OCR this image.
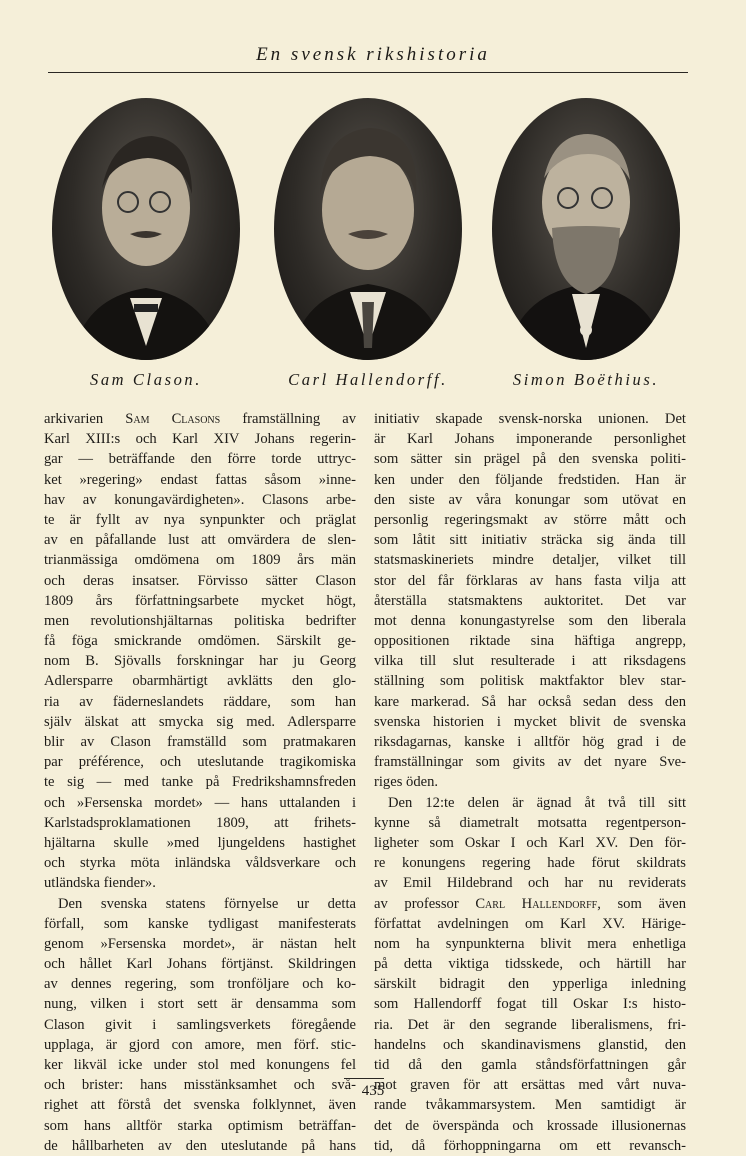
En svensk rikshistoria
Sam Clason.	Carl Hallendorff.	Simon Boëthius.
arkivarien Sam Clasons framställning av
Karl XIII:s och Karl XIV Johans regerin-
gar — beträffande den förre torde uttryc-
ket »regering» endast fattas såsom »inne-
hav av konungavärdigheten». Clasons arbe-
te är fyllt av nya synpunkter och präglat
av en påfallande lust att omvärdera de slen-
trianmässiga omdömena om 1809 års män
och deras insatser. Förvisso sätter Clason
1809 års författningsarbete mycket högt,
men revolutionshjältarnas politiska bedrifter
få föga smickrande omdömen. Särskilt ge-
nom B. Sjövalls forskningar har ju Georg
Adlersparre obarmhärtigt avklätts den glo-
ria av fädernеslandets räddare, som han
själv älskat att smycka sig med. Adlersparre
blir av Clason framställd som pratmakaren
par préférence, och uteslutande tragikomiska
te sig — med tanke på Fredrikshamnsfreden
och »Fersenska mordet» — hans uttalanden i
Karlstadsproklamationen 1809, att frihets-
hjältarna skulle »med ljungeldens hastighet
och styrka möta inländska våldsverkare och
utländska fiender».
Den svenska statens förnyelse ur detta
förfall, som kanske tydligast manifesterats
genom »Fersenska mordet», är nästan helt
och hållet Karl Johans förtjänst. Skildringen
av dennes regering, som tronföljare och ko-
nung, vilken i stort sett är densamma som
Clason givit i samlingsverkets föregående
upplaga, är gjord con amore, men förf. stic-
ker likväl icke under stol med konungens fel
och brister: hans misstänksamhet och svå-
righet att förstå det svenska folklynnet, även
som hans alltför starka optimism beträffan-
de hållbarheten av den uteslutande på hans
initiativ skapade svensk-norska unionen. Det
är Karl Johans imponerande personlighet
som sätter sin prägel på den svenska politi-
ken under den följande fredstiden. Han är
den siste av våra konungar som utövat en
personlig regeringsmakt av större mått och
som låtit sitt initiativ sträcka sig ända till
statsmaskineriets mindre detaljer, vilket till
stor del får förklaras av hans fasta vilja att
återställa statsmaktens auktoritet. Det var
mot denna konungastyrelse som den liberala
oppositionen riktade sina häftiga angrepp,
vilka till slut resulterade i att riksdagens
ställning som politisk maktfaktor blev star-
kare markerad. Så har också sedan dess den
svenska historien i mycket blivit de svenska
riksdagarnas, kanske i alltför hög grad i de
framställningar som givits av det nyare Sve-
riges öden.
Den 12:te delen är ägnad åt två till sitt
kynne så diametralt motsatta regentperson-
ligheter som Oskar I och Karl XV. Den för-
re konungens regering hade förut skildrats
av Emil Hildebrand och har nu reviderats
av professor Carl Hallendorff, som även
författat avdelningen om Karl XV. Härige-
nom ha synpunkterna blivit mera enhetliga
på detta viktiga tidsskede, och härtill har
särskilt bidragit den ypperliga inledning
som Hallendorff fogat till Oskar I:s histo-
ria. Det är den segrande liberalismens, fri-
handelns och skandinavismens glanstid, den
tid då den gamla ståndsförfattningen går
mot graven för att ersättas med vårt nuva-
rande tvåkammarsystem. Men samtidigt är
det de överspända och krossade illusionernas
tid, då förhoppningarna om ett revansch-
435
